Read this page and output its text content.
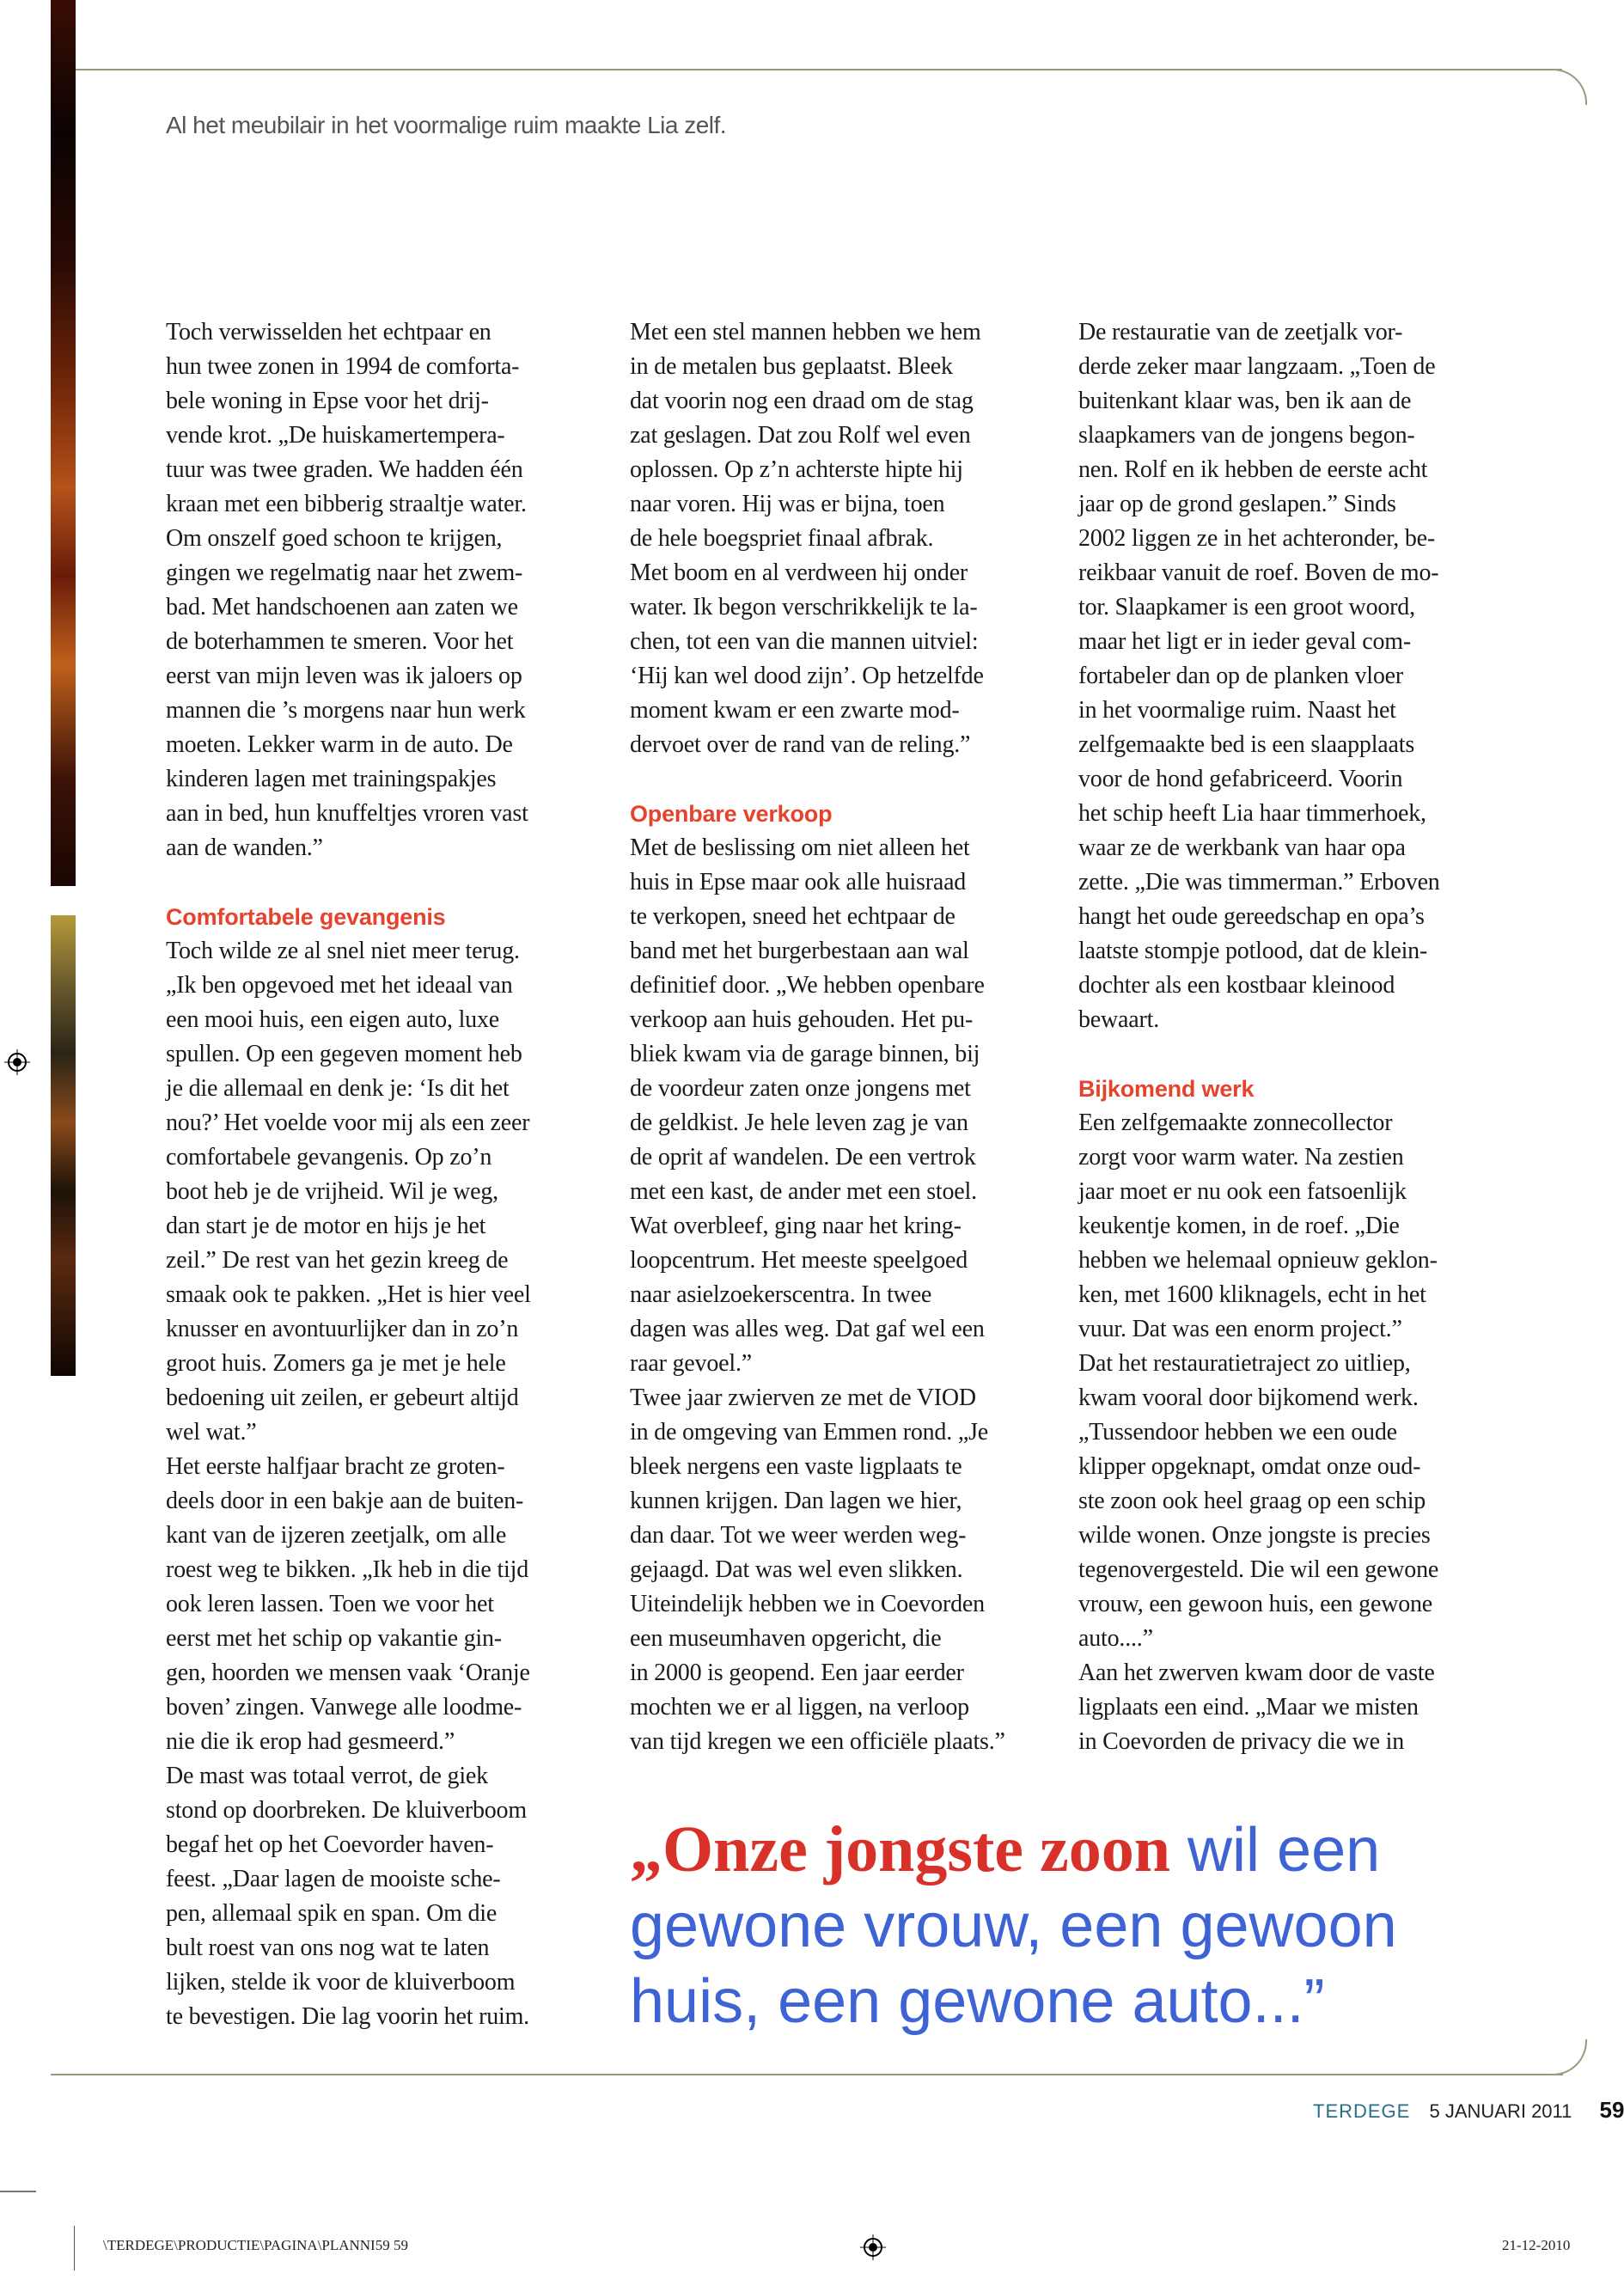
Al het meubilair in het voormalige ruim maakte Lia zelf.
Toch verwisselden het echtpaar en
hun twee zonen in 1994 de comforta-
bele woning in Epse voor het drij-
vende krot. „De huiskamertempera-
tuur was twee graden. We hadden één
kraan met een bibberig straaltje water.
Om onszelf goed schoon te krijgen,
gingen we regelmatig naar het zwem-
bad. Met handschoenen aan zaten we
de boterhammen te smeren. Voor het
eerst van mijn leven was ik jaloers op
mannen die ’s morgens naar hun werk
moeten. Lekker warm in de auto. De
kinderen lagen met trainingspakjes
aan in bed, hun knuffeltjes vroren vast
aan de wanden.”
Comfortabele gevangenis
Toch wilde ze al snel niet meer terug.
„Ik ben opgevoed met het ideaal van
een mooi huis, een eigen auto, luxe
spullen. Op een gegeven moment heb
je die allemaal en denk je: ‘Is dit het
nou?’ Het voelde voor mij als een zeer
comfortabele gevangenis. Op zo’n
boot heb je de vrijheid. Wil je weg,
dan start je de motor en hijs je het
zeil.” De rest van het gezin kreeg de
smaak ook te pakken. „Het is hier veel
knusser en avontuurlijker dan in zo’n
groot huis. Zomers ga je met je hele
bedoening uit zeilen, er gebeurt altijd
wel wat.”
Het eerste halfjaar bracht ze groten-
deels door in een bakje aan de buiten-
kant van de ijzeren zeetjalk, om alle
roest weg te bikken. „Ik heb in die tijd
ook leren lassen. Toen we voor het
eerst met het schip op vakantie gin-
gen, hoorden we mensen vaak ‘Oranje
boven’ zingen. Vanwege alle loodme-
nie die ik erop had gesmeerd.”
De mast was totaal verrot, de giek
stond op doorbreken. De kluiverboom
begaf het op het Coevorder haven-
feest. „Daar lagen de mooiste sche-
pen, allemaal spik en span. Om die
bult roest van ons nog wat te laten
lijken, stelde ik voor de kluiverboom
te bevestigen. Die lag voorin het ruim.
Met een stel mannen hebben we hem
in de metalen bus geplaatst. Bleek
dat voorin nog een draad om de stag
zat geslagen. Dat zou Rolf wel even
oplossen. Op z’n achterste hipte hij
naar voren. Hij was er bijna, toen
de hele boegspriet finaal afbrak.
Met boom en al verdween hij onder
water. Ik begon verschrikkelijk te la-
chen, tot een van die mannen uitviel:
‘Hij kan wel dood zijn’. Op hetzelfde
moment kwam er een zwarte mod-
dervoet over de rand van de reling.”
Openbare verkoop
Met de beslissing om niet alleen het
huis in Epse maar ook alle huisraad
te verkopen, sneed het echtpaar de
band met het burgerbestaan aan wal
definitief door. „We hebben openbare
verkoop aan huis gehouden. Het pu-
bliek kwam via de garage binnen, bij
de voordeur zaten onze jongens met
de geldkist. Je hele leven zag je van
de oprit af wandelen. De een vertrok
met een kast, de ander met een stoel.
Wat overbleef, ging naar het kring-
loopcentrum. Het meeste speelgoed
naar asielzoekerscentra. In twee
dagen was alles weg. Dat gaf wel een
raar gevoel.”
Twee jaar zwierven ze met de VIOD
in de omgeving van Emmen rond. „Je
bleek nergens een vaste ligplaats te
kunnen krijgen. Dan lagen we hier,
dan daar. Tot we weer werden weg-
gejaagd. Dat was wel even slikken.
Uiteindelijk hebben we in Coevorden
een museumhaven opgericht, die
in 2000 is geopend. Een jaar eerder
mochten we er al liggen, na verloop
van tijd kregen we een officiële plaats.”
De restauratie van de zeetjalk vor-
derde zeker maar langzaam. „Toen de
buitenkant klaar was, ben ik aan de
slaapkamers van de jongens begon-
nen. Rolf en ik hebben de eerste acht
jaar op de grond geslapen.” Sinds
2002 liggen ze in het achteronder, be-
reikbaar vanuit de roef. Boven de mo-
tor. Slaapkamer is een groot woord,
maar het ligt er in ieder geval com-
fortabeler dan op de planken vloer
in het voormalige ruim. Naast het
zelfgemaakte bed is een slaapplaats
voor de hond gefabriceerd. Voorin
het schip heeft Lia haar timmerhoek,
waar ze de werkbank van haar opa
zette. „Die was timmerman.” Erboven
hangt het oude gereedschap en opa’s
laatste stompje potlood, dat de klein-
dochter als een kostbaar kleinood
bewaart.
Bijkomend werk
Een zelfgemaakte zonnecollector
zorgt voor warm water. Na zestien
jaar moet er nu ook een fatsoenlijk
keukentje komen, in de roef. „Die
hebben we helemaal opnieuw geklon-
ken, met 1600 kliknagels, echt in het
vuur. Dat was een enorm project.”
Dat het restauratietraject zo uitliep,
kwam vooral door bijkomend werk.
„Tussendoor hebben we een oude
klipper opgeknapt, omdat onze oud-
ste zoon ook heel graag op een schip
wilde wonen. Onze jongste is precies
tegenovergesteld. Die wil een gewone
vrouw, een gewoon huis, een gewone
auto....”
Aan het zwerven kwam door de vaste
ligplaats een eind. „Maar we misten
in Coevorden de privacy die we in
„Onze jongste zoon wil een
gewone vrouw, een gewoon
huis, een gewone auto...”
TERDEGE 5 JANUARI 2011 59
\TERDEGE\PRODUCTIE\PAGINA\PLANNI59 59	21-12-2010
